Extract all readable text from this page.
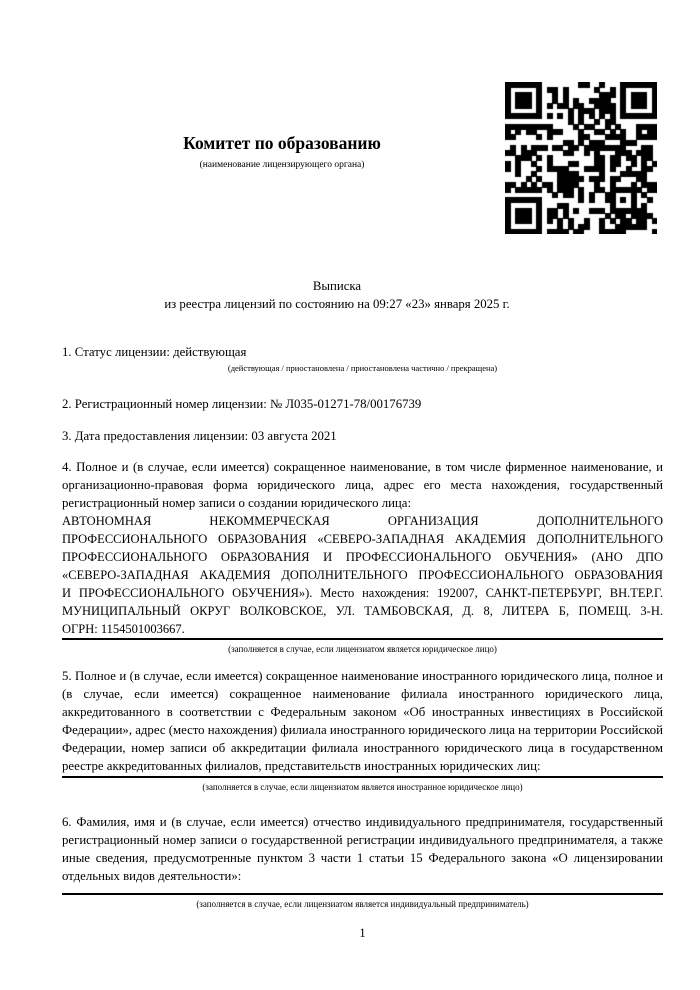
Комитет по образованию
(наименование лицензирующего органа)
Выписка
из реестра лицензий по состоянию на 09:27 «23» января 2025 г.
1. Статус лицензии: действующая
(действующая / приостановлена / приостановлена частично / прекращена)
2. Регистрационный номер лицензии: № Л035-01271-78/00176739
3. Дата предоставления лицензии: 03 августа 2021
4. Полное и (в случае, если имеется) сокращенное наименование, в том числе фирменное наименование, и организационно-правовая форма юридического лица, адрес его места нахождения, государственный регистрационный номер записи о создании юридического лица:
АВТОНОМНАЯ НЕКОММЕРЧЕСКАЯ ОРГАНИЗАЦИЯ ДОПОЛНИТЕЛЬНОГО
ПРОФЕССИОНАЛЬНОГО ОБРАЗОВАНИЯ «СЕВЕРО-ЗАПАДНАЯ АКАДЕМИЯ ДОПОЛНИТЕЛЬНОГО
ПРОФЕССИОНАЛЬНОГО ОБРАЗОВАНИЯ И ПРОФЕССИОНАЛЬНОГО ОБУЧЕНИЯ» (АНО ДПО
«СЕВЕРО-ЗАПАДНАЯ АКАДЕМИЯ ДОПОЛНИТЕЛЬНОГО ПРОФЕССИОНАЛЬНОГО ОБРАЗОВАНИЯ
И ПРОФЕССИОНАЛЬНОГО ОБУЧЕНИЯ»). Место нахождения: 192007, САНКТ-ПЕТЕРБУРГ, ВН.ТЕР.Г.
МУНИЦИПАЛЬНЫЙ ОКРУГ ВОЛКОВСКОЕ, УЛ. ТАМБОВСКАЯ, Д. 8, ЛИТЕРА Б, ПОМЕЩ. 3-Н.
ОГРН: 1154501003667.
(заполняется в случае, если лицензиатом является юридическое лицо)
5. Полное и (в случае, если имеется) сокращенное наименование иностранного юридического лица, полное и (в случае, если имеется) сокращенное наименование филиала иностранного юридического лица, аккредитованного в соответствии с Федеральным законом «Об иностранных инвестициях в Российской Федерации», адрес (место нахождения) филиала иностранного юридического лица на территории Российской Федерации, номер записи об аккредитации филиала иностранного юридического лица в государственном реестре аккредитованных филиалов, представительств иностранных юридических лиц:
(заполняется в случае, если лицензиатом является иностранное юридическое лицо)
6. Фамилия, имя и (в случае, если имеется) отчество индивидуального предпринимателя, государственный регистрационный номер записи о государственной регистрации индивидуального предпринимателя, а также иные сведения, предусмотренные пунктом 3 части 1 статьи 15 Федерального закона «О лицензировании отдельных видов деятельности»:
(заполняется в случае, если лицензиатом является индивидуальный предприниматель)
1
